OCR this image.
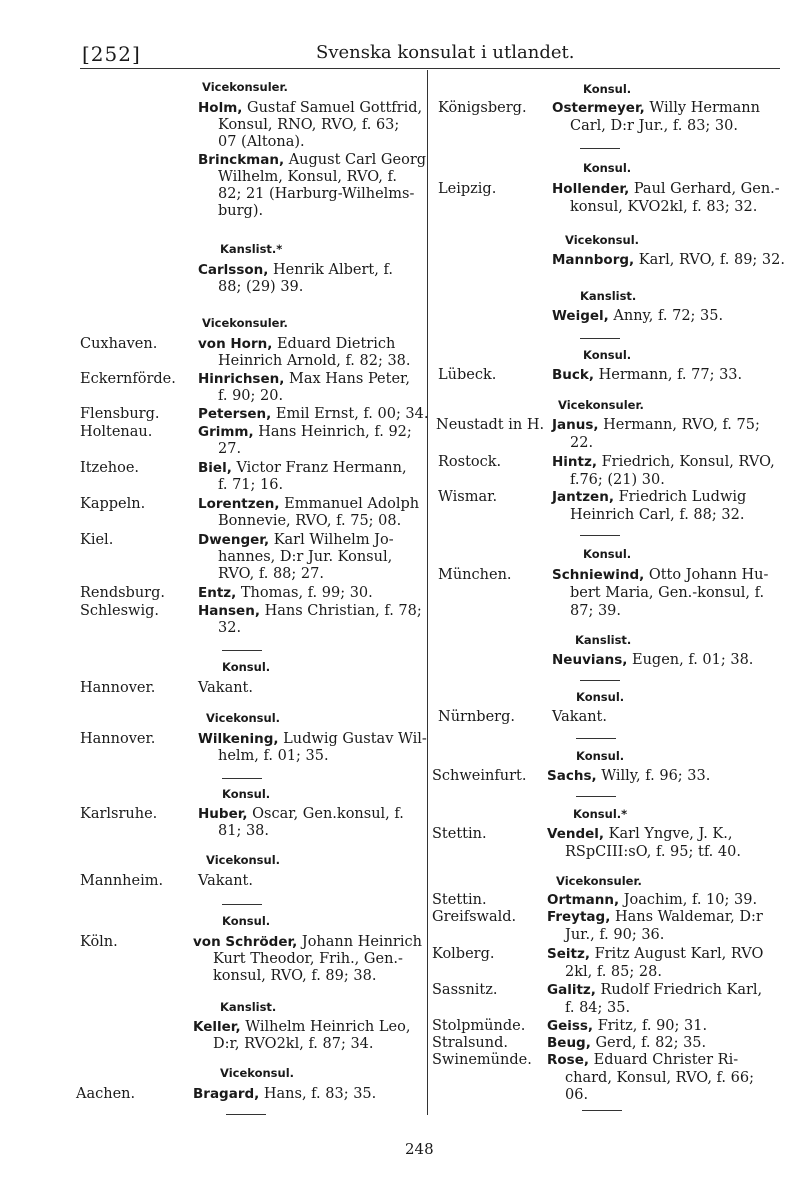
[252]	Svenska konsulat i utlandet.
Vicekonsuler.
Holm, Gustaf Samuel Gottfrid,
Konsul, RNO, RVO, f. 63;
07 (Altona).
Brinckman, August Carl Georg
Wilhelm, Konsul, RVO, f.
82; 21 (Harburg-Wilhelms-
burg).
Kanslist.*
Carlsson, Henrik Albert, f.
88; (29) 39.
Vicekonsuler.
Cuxhaven.	von Horn, Eduard Dietrich
Heinrich Arnold, f. 82; 38.
Eckernförde. Hinrichsen, Max Hans Peter,
f. 90; 20.
Flensburg.	Petersen, Emil Ernst, f. 00; 34.
Holtenau.	Grimm, Hans Heinrich, f. 92;
27.
Itzehoe.	Biel, Victor Franz Hermann,
f. 71; 16.
Kappeln.	Lorentzen, Emmanuel Adolph
Bonnevie, RVO, f. 75; 08.
Kiel.	Dwenger, Karl Wilhelm Jo-
hannes, D:r Jur. Konsul,
RVO, f. 88; 27.
Rendsburg. Entz, Thomas, f. 99; 30.
Schleswig.	Hansen, Hans Christian, f. 78;
32.
Konsul.
Hannover.	Vakant.
Vicekonsul.
Hannover.	Wilkening, Ludwig Gustav Wil-
helm, f. 01; 35.
Konsul.
Karlsruhe.	Huber, Oscar, Gen.konsul, f.
81; 38.
Vicekonsul.
Mannheim. Vakant.
Konsul.
Köln.	von Schröder, Johann Heinrich
Kurt Theodor, Frih., Gen.-
konsul, RVO, f. 89; 38.
Kanslist.
Keller, Wilhelm Heinrich Leo,
D:r, RVO2kl, f. 87; 34.
Vicekonsul.
Aachen.	Bragard, Hans, f. 83; 35.
Konsul.
Königsberg. Ostermeyer, Willy Hermann
Carl, D:r Jur., f. 83; 30.
Konsul.
Leipzig.	Hollender, Paul Gerhard, Gen.-
konsul, KVO2kl, f. 83; 32.
Vicekonsul.
Mannborg, Karl, RVO, f. 89; 32.
Kanslist.
Weigel, Anny, f. 72; 35.
Konsul.
Lübeck.	Buck, Hermann, f. 77; 33.
Vicekonsuler.
Neustadt in H. Janus, Hermann, RVO, f. 75;
22.
Rostock.	Hintz, Friedrich, Konsul, RVO,
f.76; (21) 30.
Wismar.	Jantzen, Friedrich Ludwig
Heinrich Carl, f. 88; 32.
Konsul.
München.	Schniewind, Otto Johann Hu-
bert Maria, Gen.-konsul, f.
87; 39.
Kanslist.
Neuvians, Eugen, f. 01; 38.
Konsul.
Nürnberg.	Vakant.
Konsul.
Schweinfurt. Sachs, Willy, f. 96; 33.
Konsul.*
Stettin.	Vendel, Karl Yngve, J. K.,
RSpCIII:sO, f. 95; tf. 40.
Vicekonsuler.
Stettin.	Ortmann, Joachim, f. 10; 39.
Greifswald. Freytag, Hans Waldemar, D:r
Jur., f. 90; 36.
Kolberg.	Seitz, Fritz August Karl, RVO
2kl, f. 85; 28.
Sassnitz.	Galitz, Rudolf Friedrich Karl,
f. 84; 35.
Stolpmünde. Geiss, Fritz, f. 90; 31.
Stralsund.	Beug, Gerd, f. 82; 35.
Swinemünde. Rose, Eduard Christer Ri-
chard, Konsul, RVO, f. 66;
06.
248
